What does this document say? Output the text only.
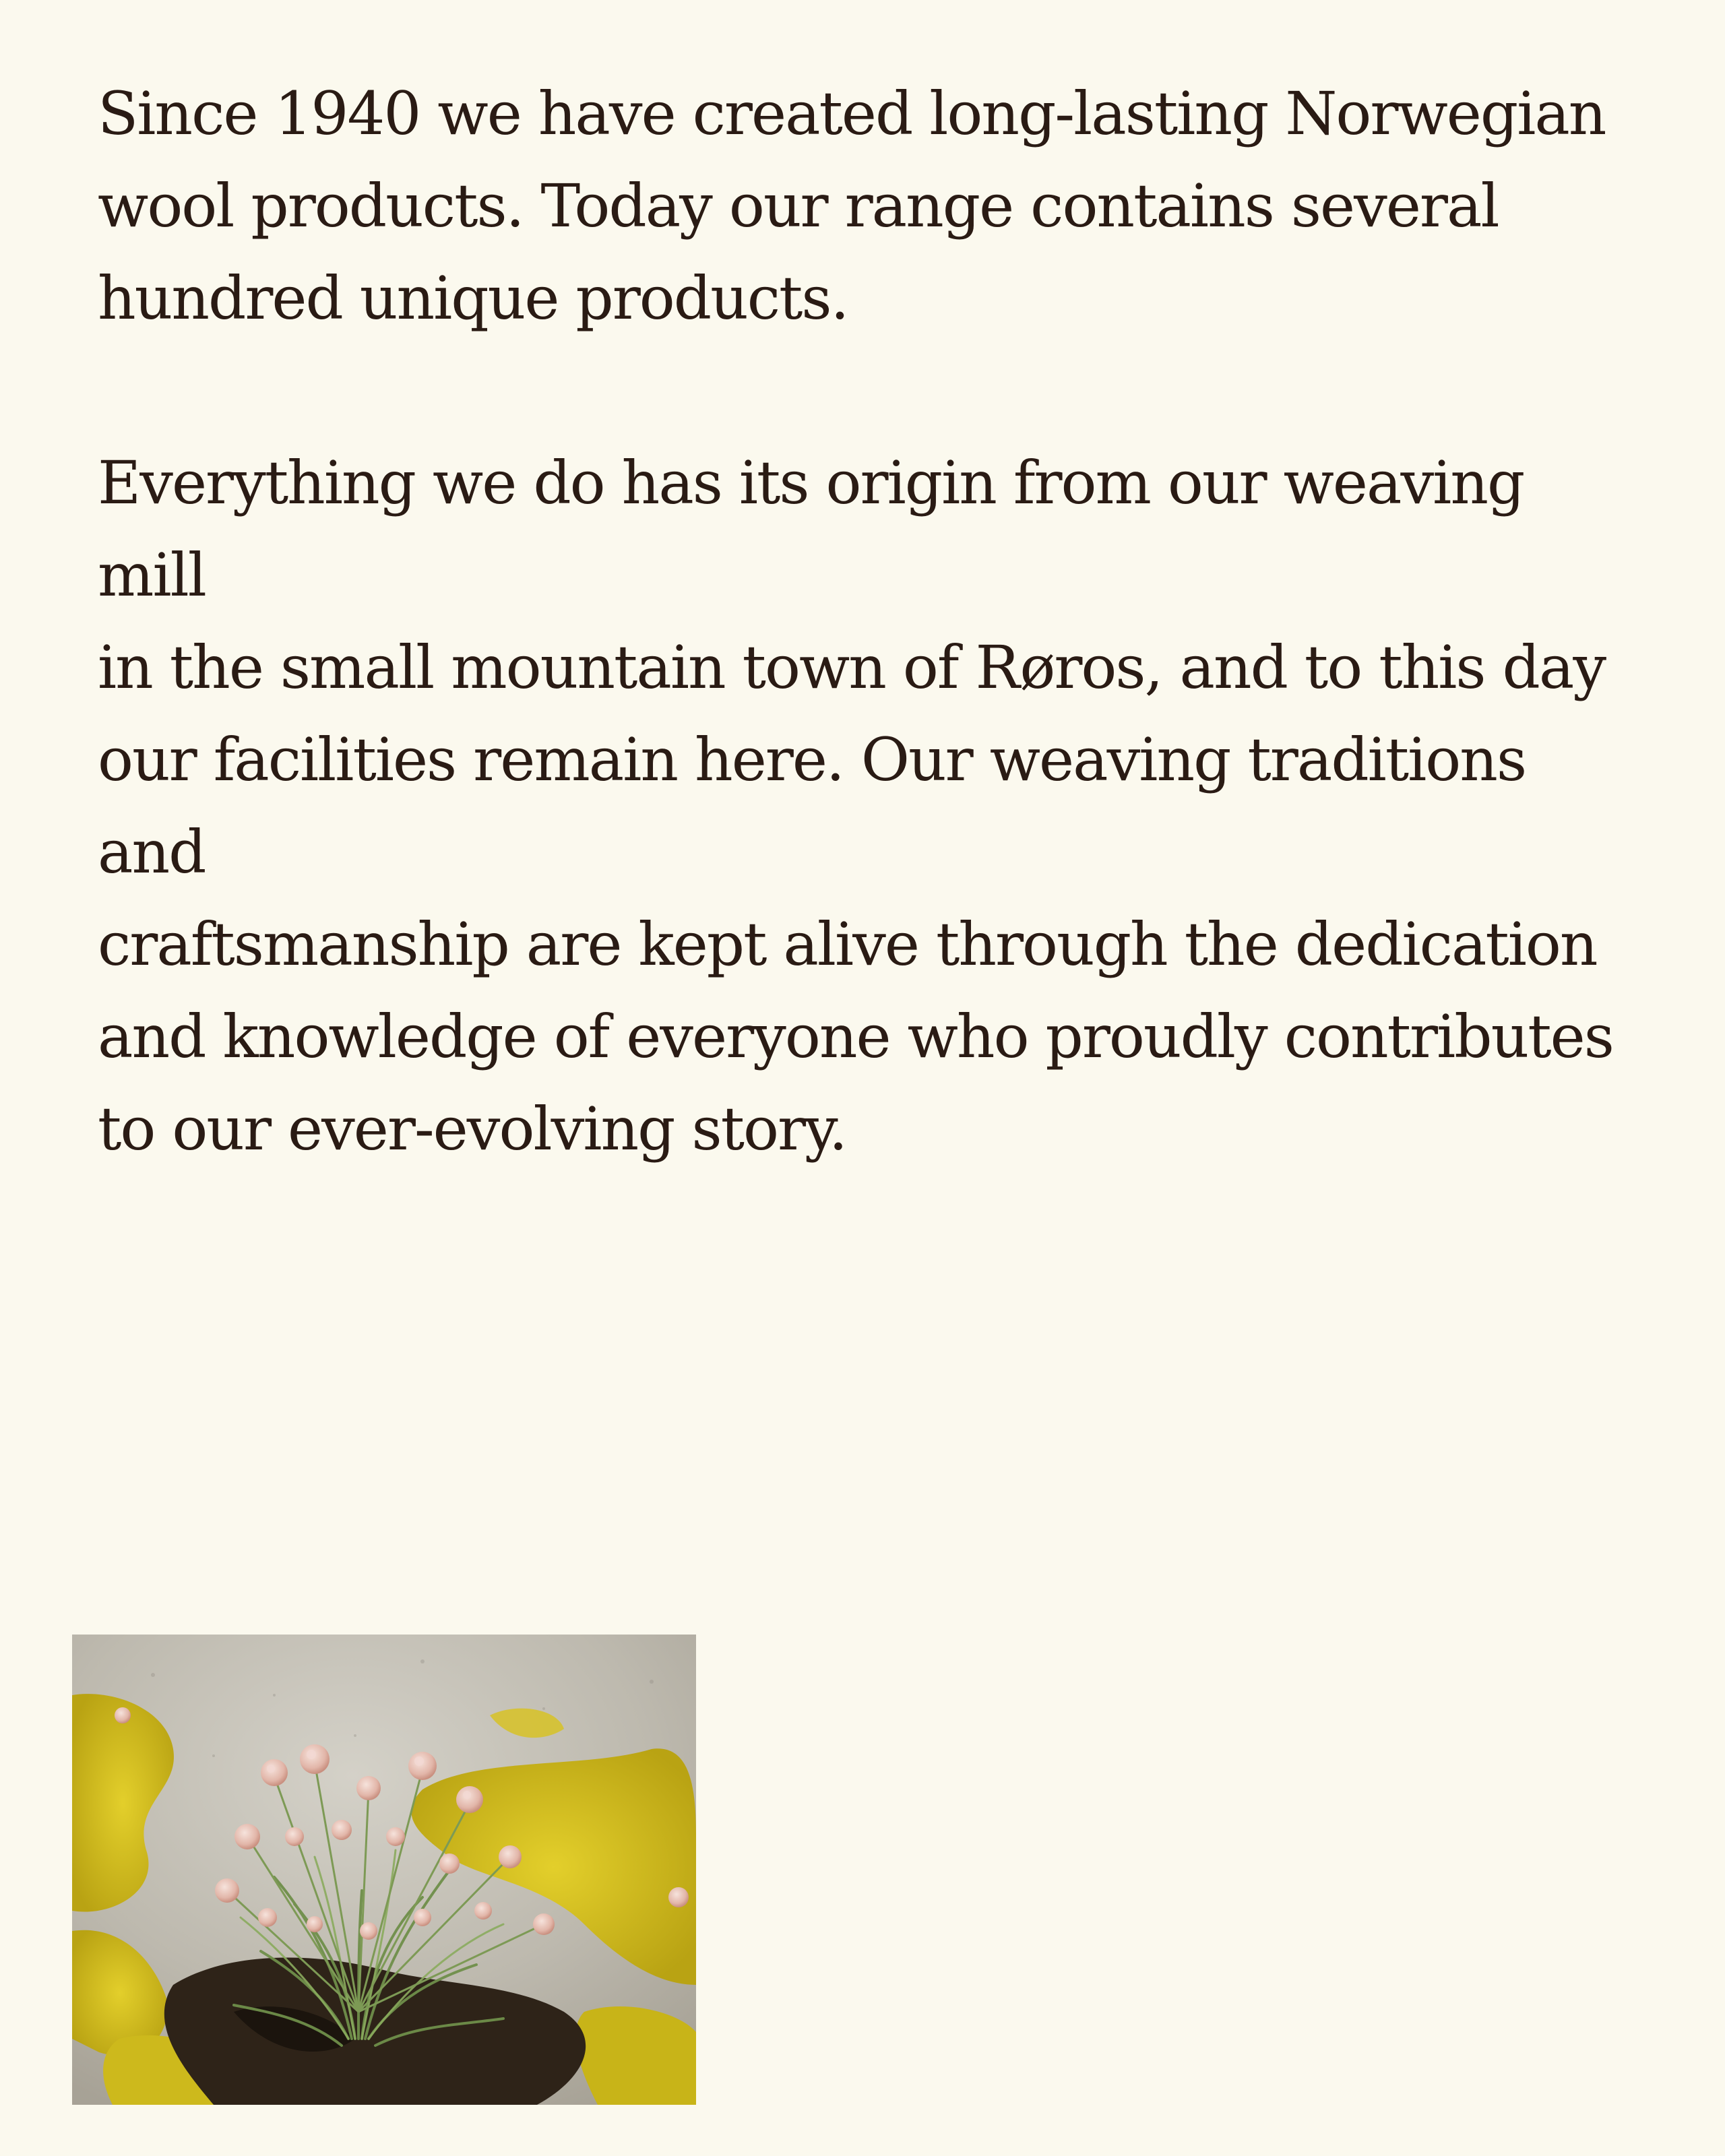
Since 1940 we have created long-lasting Norwegian
wool products. Today our range contains several
hundred unique products.

Everything we do has its origin from our weaving mill
in the small mountain town of Røros, and to this day
our facilities remain here. Our weaving traditions and
craftsmanship are kept alive through the dedication
and knowledge of everyone who proudly contributes
to our ever-evolving story.
